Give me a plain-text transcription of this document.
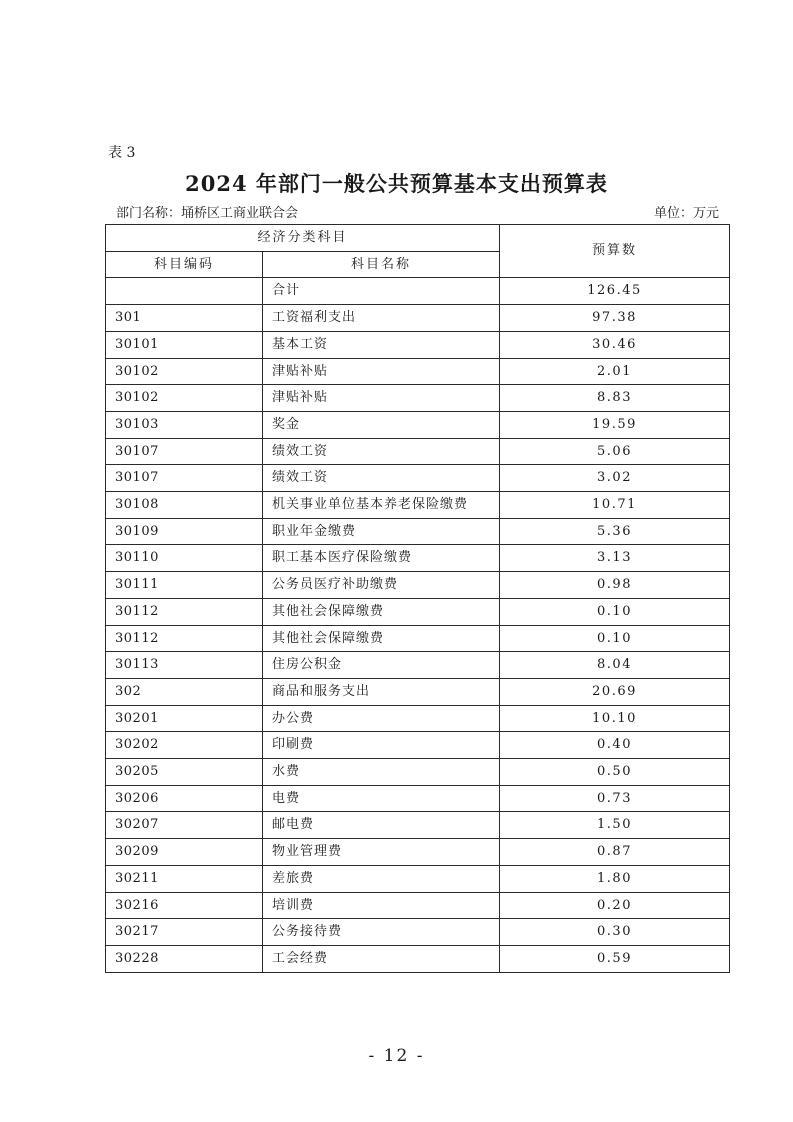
表 3
2024 年部门一般公共预算基本支出预算表
部门名称：埇桥区工商业联合会	单位：万元
经济分类科目		预算数
科目编码	科目名称	
	合计	126.45
301	工资福利支出	97.38
30101	基本工资	30.46
30102	津贴补贴	2.01
30102	津贴补贴	8.83
30103	奖金	19.59
30107	绩效工资	5.06
30107	绩效工资	3.02
30108	机关事业单位基本养老保险缴费	10.71
30109	职业年金缴费	5.36
30110	职工基本医疗保险缴费	3.13
30111	公务员医疗补助缴费	0.98
30112	其他社会保障缴费	0.10
30112	其他社会保障缴费	0.10
30113	住房公积金	8.04
302	商品和服务支出	20.69
30201	办公费	10.10
30202	印刷费	0.40
30205	水费	0.50
30206	电费	0.73
30207	邮电费	1.50
30209	物业管理费	0.87
30211	差旅费	1.80
30216	培训费	0.20
30217	公务接待费	0.30
30228	工会经费	0.59
- 12 -
